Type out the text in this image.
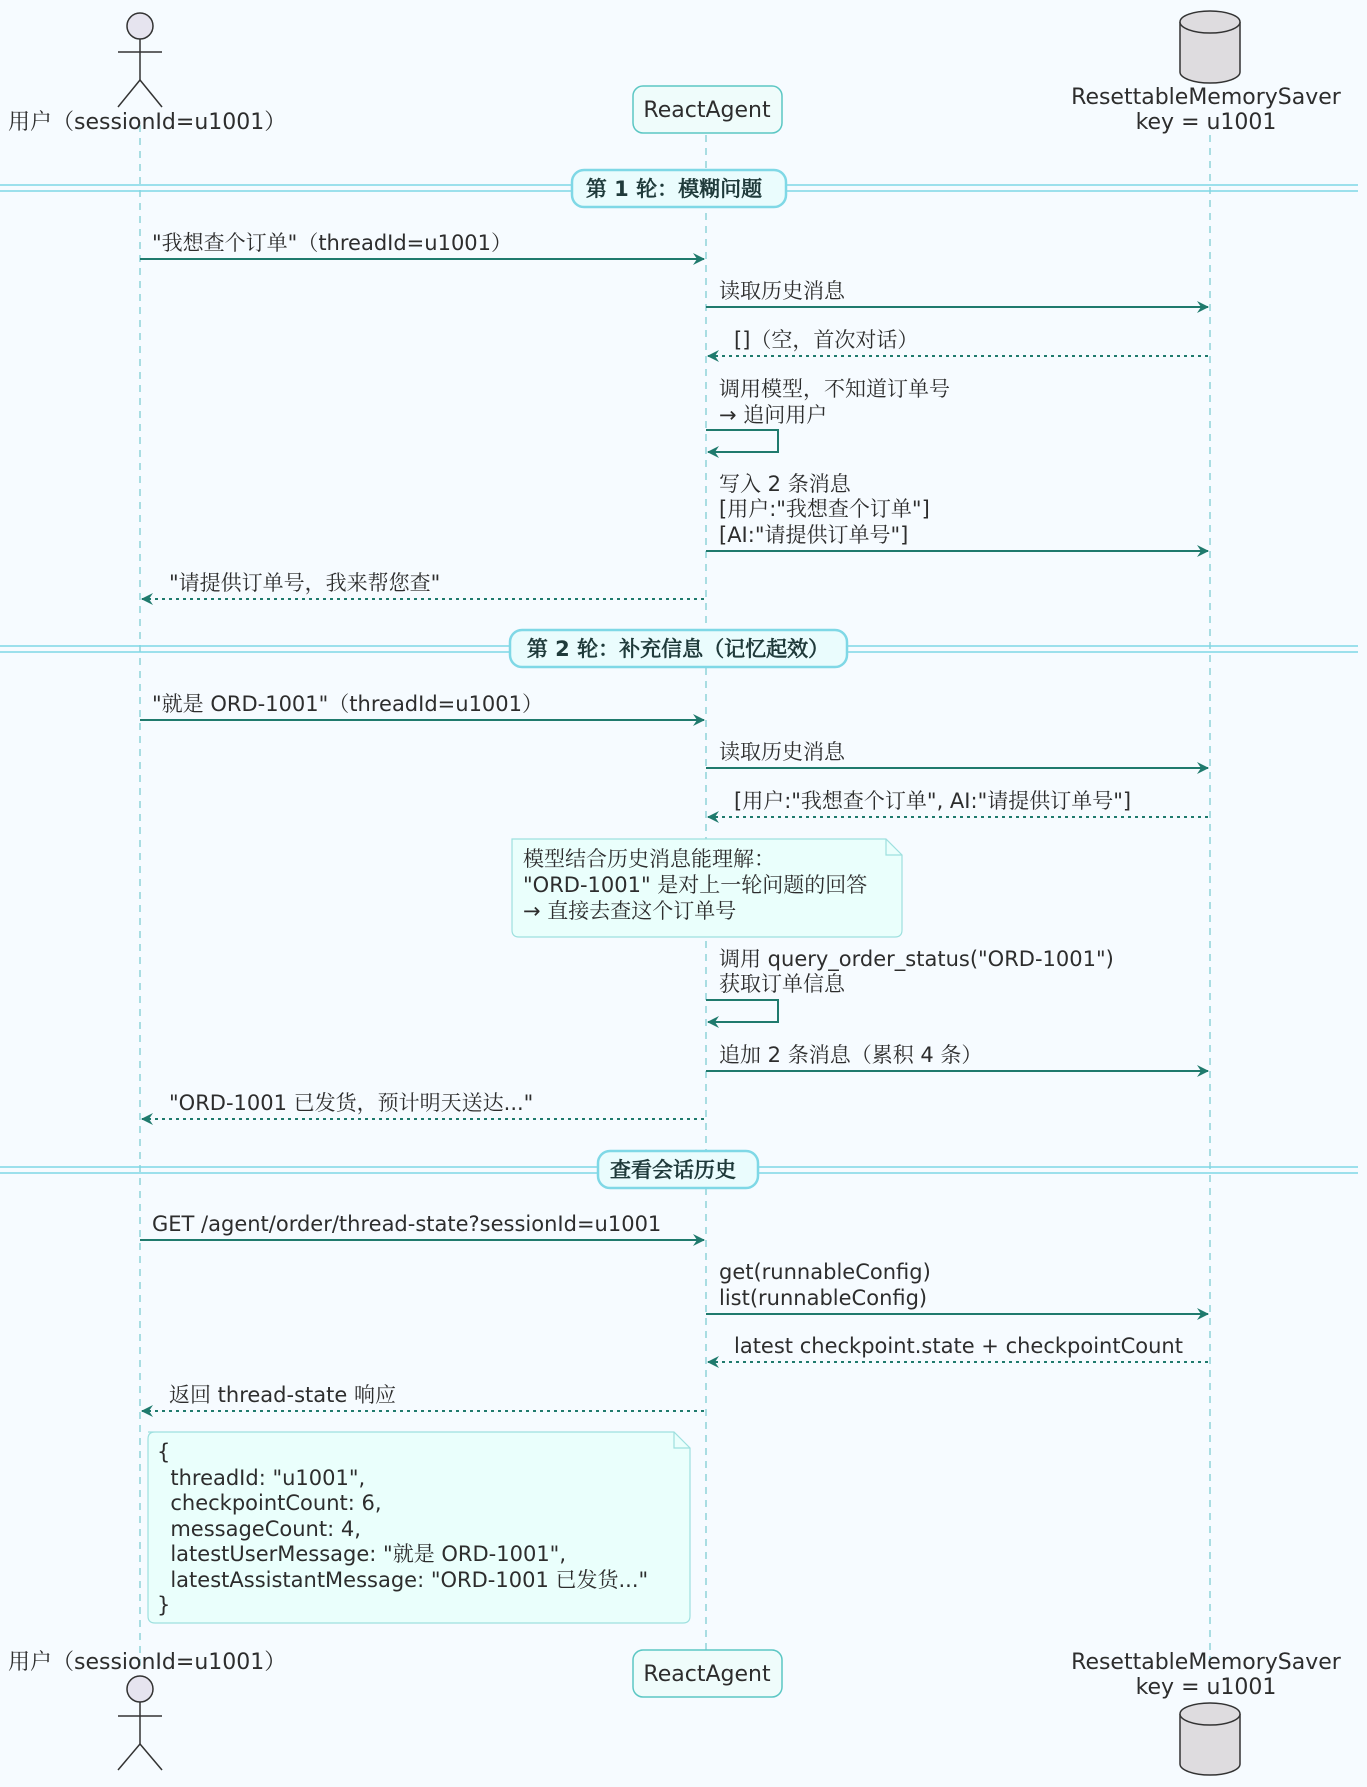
用户（sessionId=u1001）	ReactAgent
ResettableMemorySaver
key = u1001
用户（sessionId=u1001）	ReactAgent	ResettableMemorySaver
key = u1001
第 1 轮：模糊问题
第 2 轮：补充信息（记忆起效）
查看会话历史
模型结合历史消息能理解：
"ORD-1001" 是对上一轮问题的回答
→ 直接去查这个订单号
{
threadId: "u1001",
checkpointCount: 6,
messageCount: 4,
latestUserMessage: "就是 ORD-1001",
latestAssistantMessage: "ORD-1001 已发货..."
}
"我想查个订单"（threadId=u1001）
读取历史消息
[]（空，首次对话）
调用模型，不知道订单号
→ 追问用户
写入 2 条消息
[用户:"我想查个订单"]
[AI:"请提供订单号"]
"请提供订单号，我来帮您查"
"就是 ORD-1001"（threadId=u1001）
读取历史消息
[用户:"我想查个订单", AI:"请提供订单号"]
调用 query_order_status("ORD-1001")
获取订单信息
追加 2 条消息（累积 4 条）
"ORD-1001 已发货，预计明天送达..."
GET /agent/order/thread-state?sessionId=u1001
get(runnableConfig)
list(runnableConfig)
latest checkpoint.state + checkpointCount
返回 thread-state 响应
